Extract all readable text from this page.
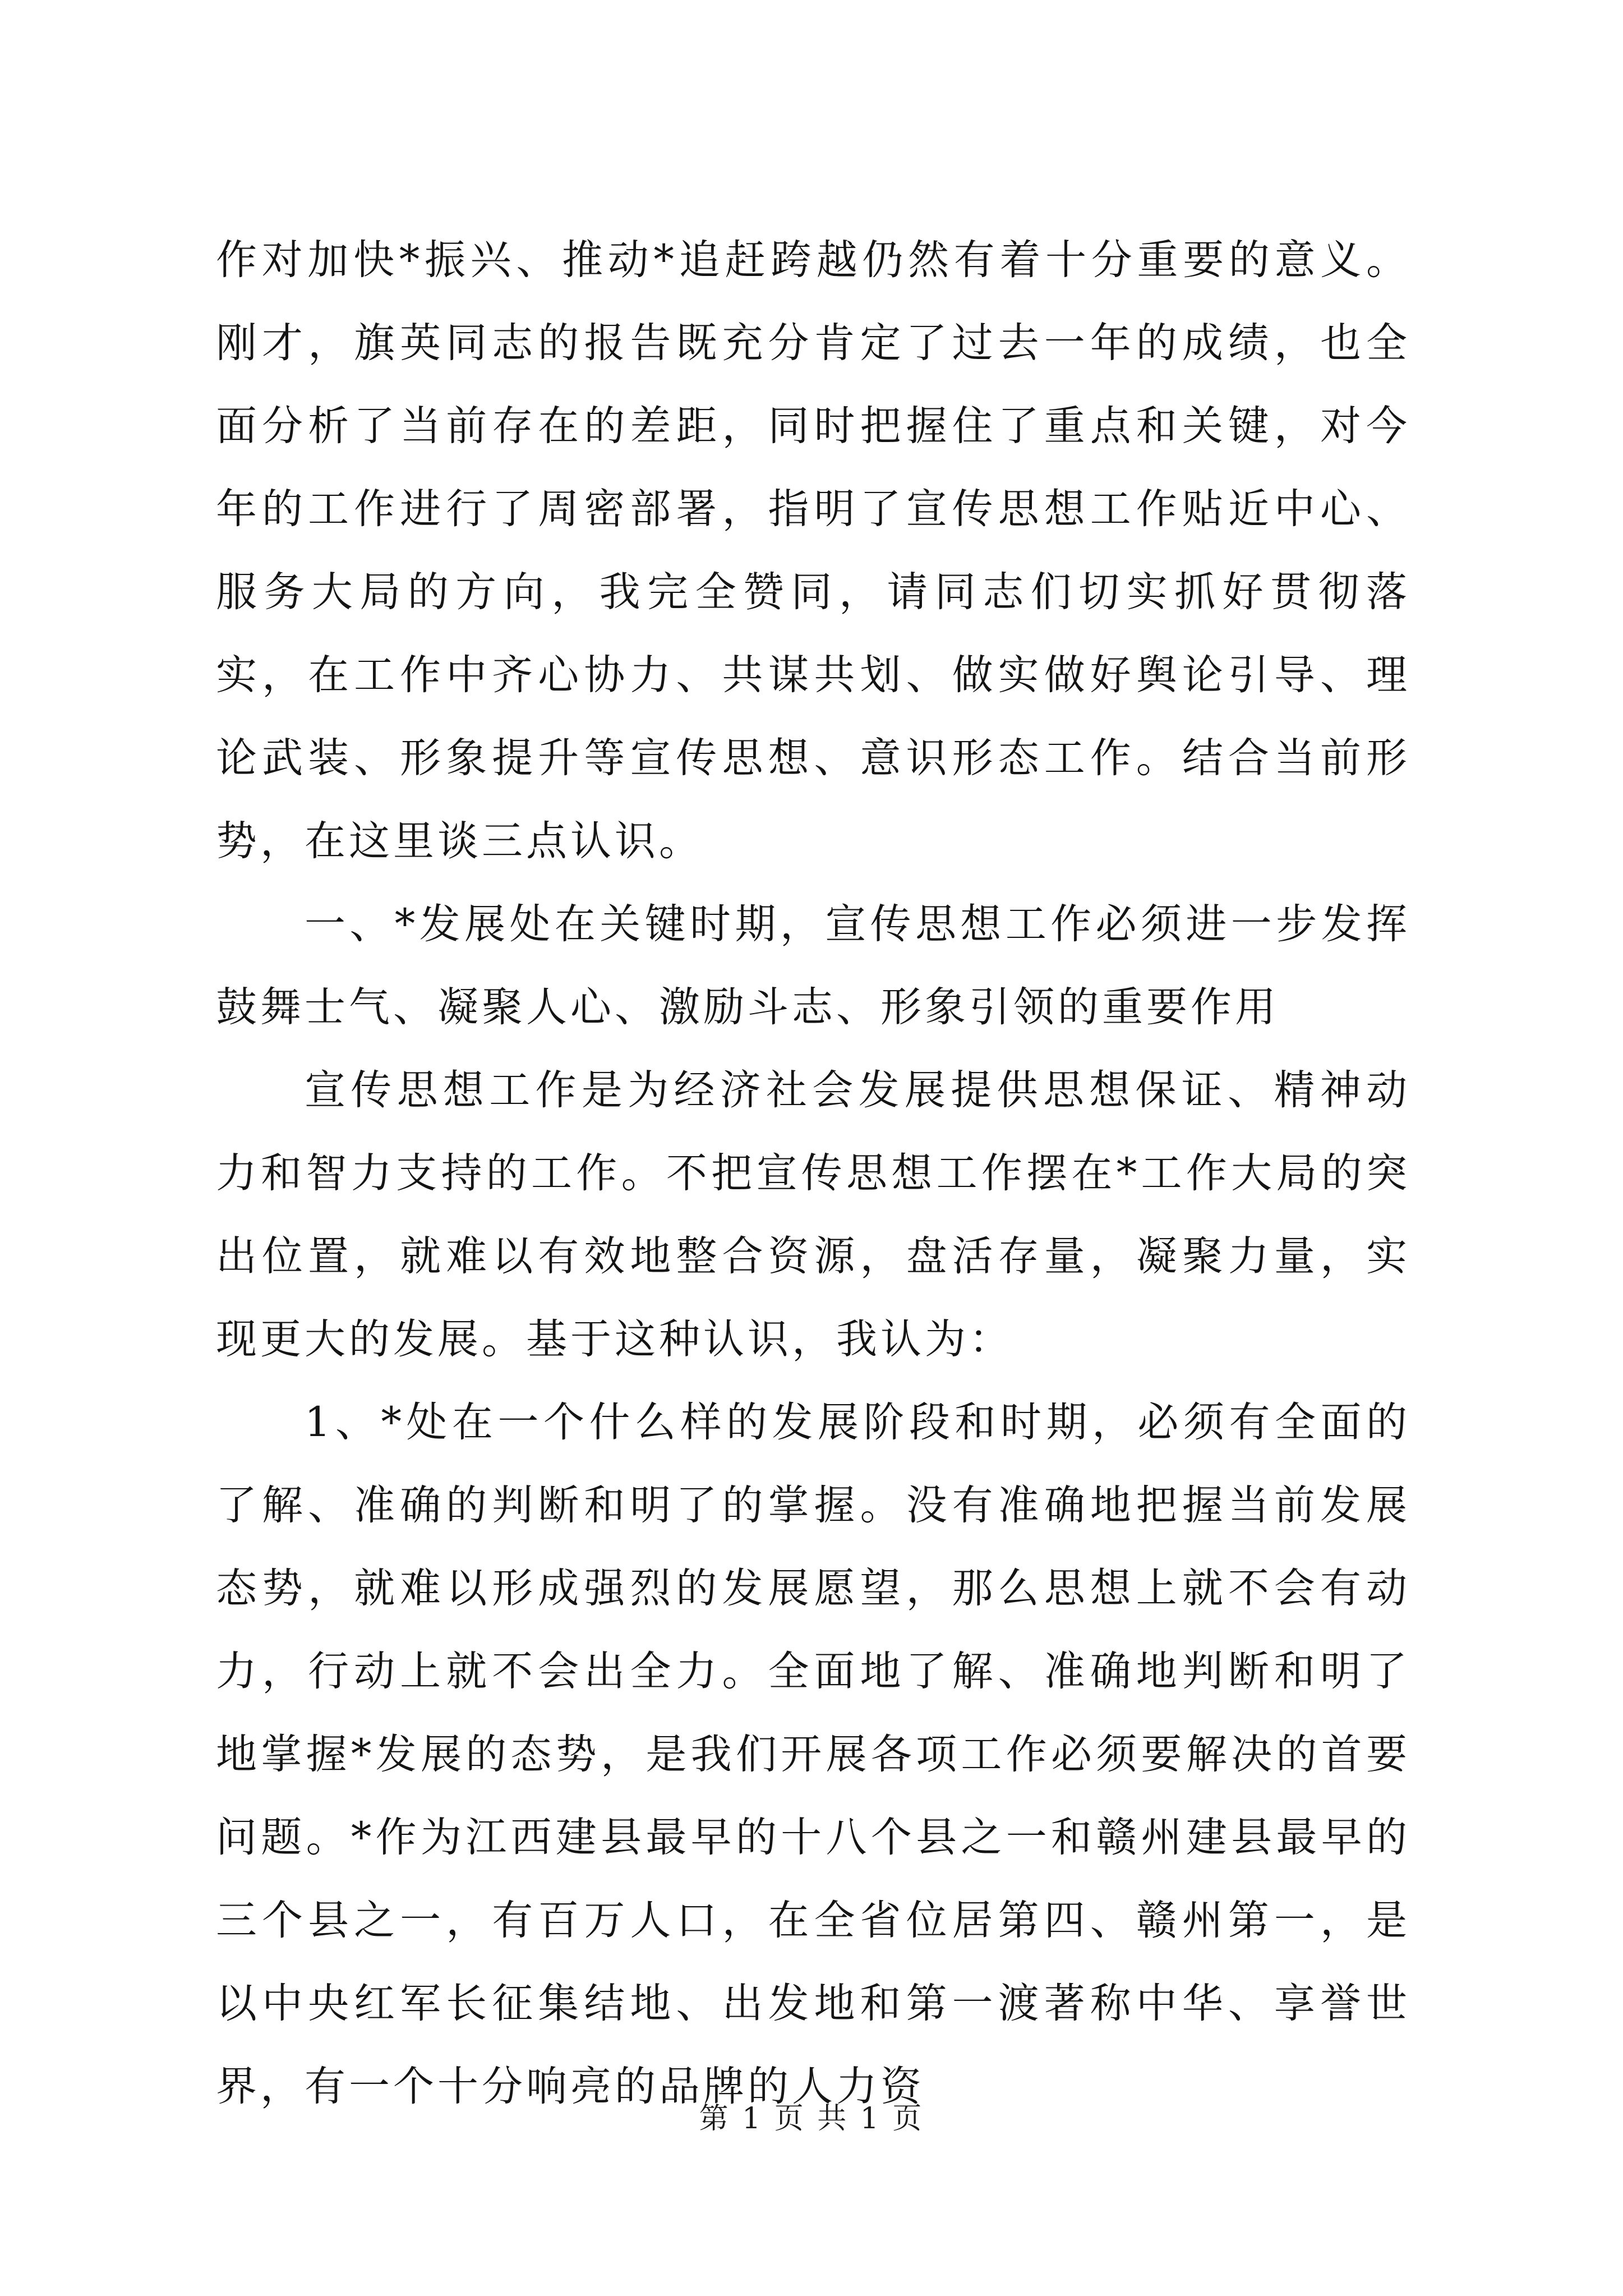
作对加快*振兴、推动*追赶跨越仍然有着十分重要的意义。刚才，旗英同志的报告既充分肯定了过去一年的成绩，也全面分析了当前存在的差距，同时把握住了重点和关键，对今年的工作进行了周密部署，指明了宣传思想工作贴近中心、服务大局的方向，我完全赞同，请同志们切实抓好贯彻落实，在工作中齐心协力、共谋共划、做实做好舆论引导、理论武装、形象提升等宣传思想、意识形态工作。结合当前形势，在这里谈三点认识。

一、*发展处在关键时期，宣传思想工作必须进一步发挥鼓舞士气、凝聚人心、激励斗志、形象引领的重要作用

宣传思想工作是为经济社会发展提供思想保证、精神动力和智力支持的工作。不把宣传思想工作摆在*工作大局的突出位置，就难以有效地整合资源，盘活存量，凝聚力量，实现更大的发展。基于这种认识，我认为：

1、*处在一个什么样的发展阶段和时期，必须有全面的了解、准确的判断和明了的掌握。没有准确地把握当前发展态势，就难以形成强烈的发展愿望，那么思想上就不会有动力，行动上就不会出全力。全面地了解、准确地判断和明了地掌握*发展的态势，是我们开展各项工作必须要解决的首要问题。*作为江西建县最早的十八个县之一和赣州建县最早的三个县之一，有百万人口，在全省位居第四、赣州第一，是以中央红军长征集结地、出发地和第一渡著称中华、享誉世界，有一个十分响亮的品牌的人力资

第 1 页 共 1 页
